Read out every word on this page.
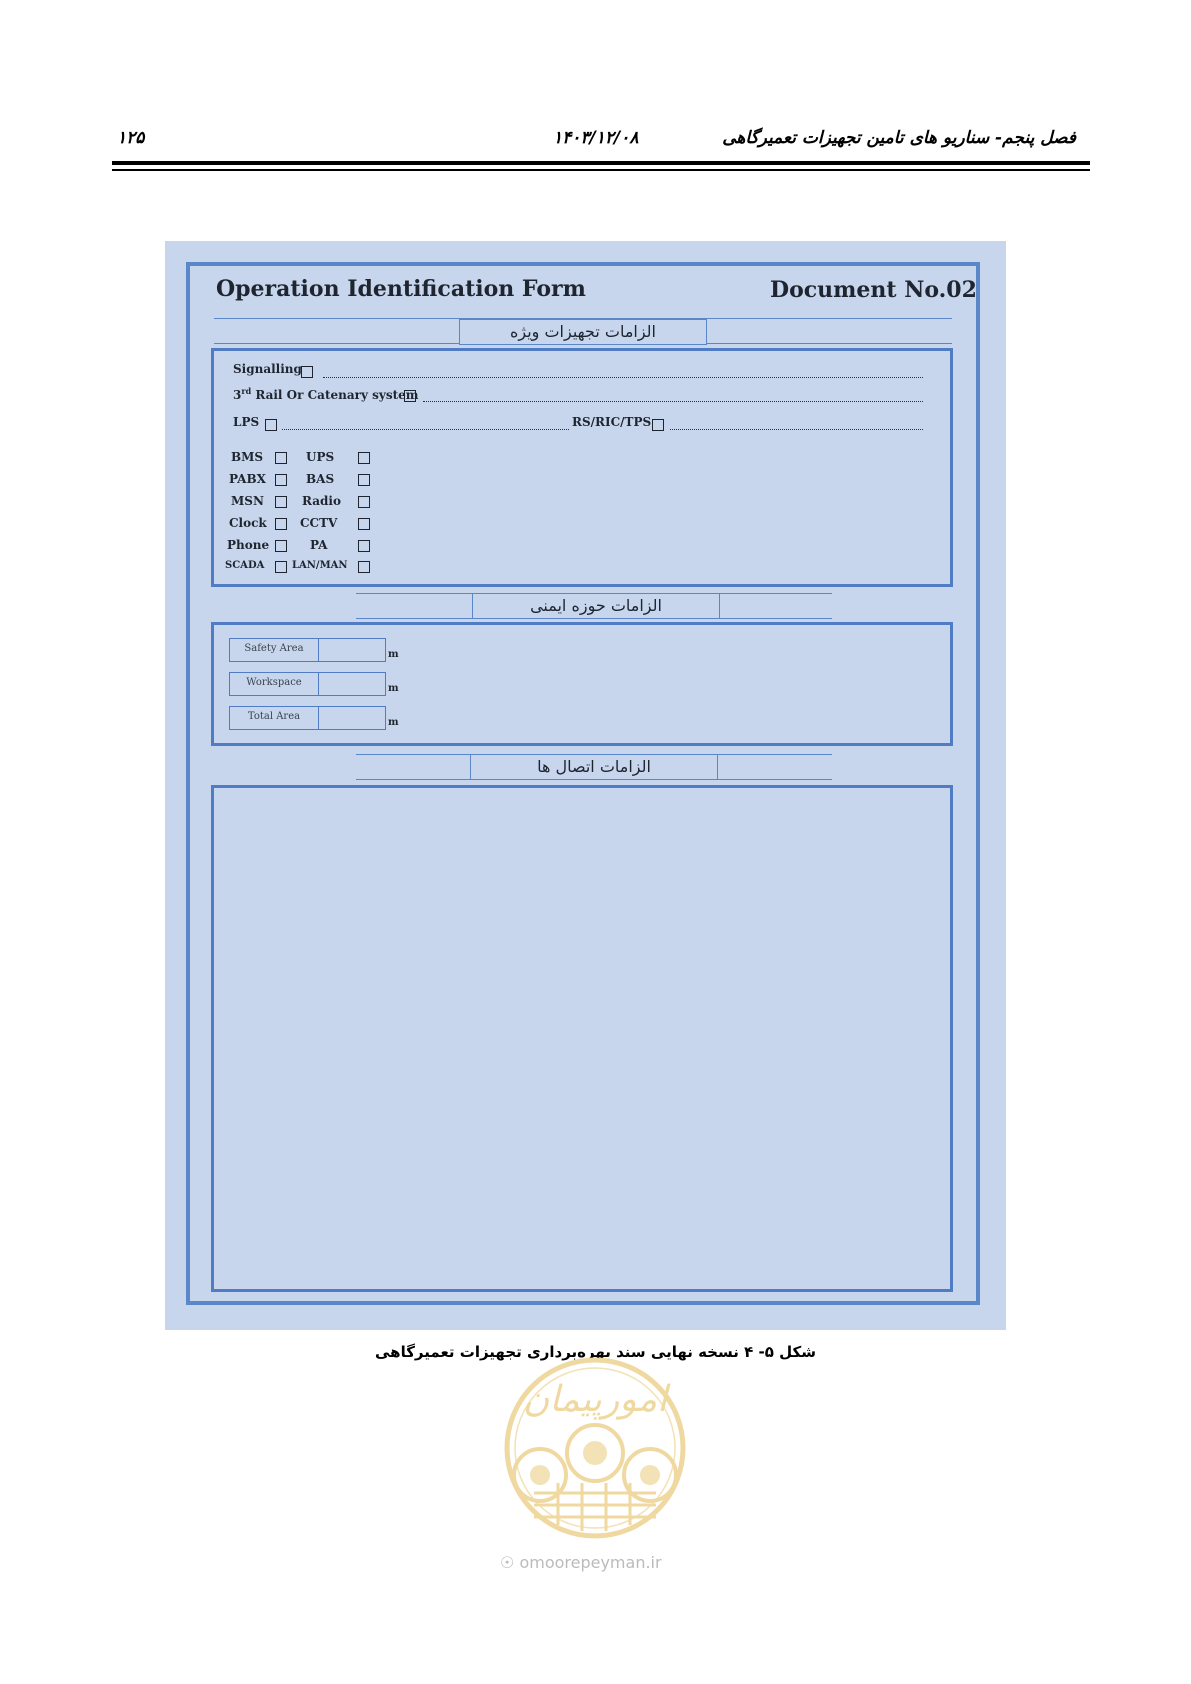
۱۲۵	۱۴۰۳/۱۲/۰۸	فصل پنجم- سناریو های تامین تجهیزات تعمیرگاهی
Operation Identification Form	Document No.02
الزامات تجهیزات ویژه
Signalling
3rd Rail Or Catenary system
LPS	RS/RIC/TPS
BMS	UPS
PABX	BAS
MSN	Radio
Clock	CCTV
Phone	PA
SCADA	LAN/MAN
الزامات حوزه ایمنی
Safety Area
m
Workspace
m
Total Area
m
الزامات اتصال ها
شکل ۵- ۴ نسخه نهایی سند بهره‌برداری تجهیزات تعمیرگاهی
امورپیمان
☉ omoorepeyman.ir
